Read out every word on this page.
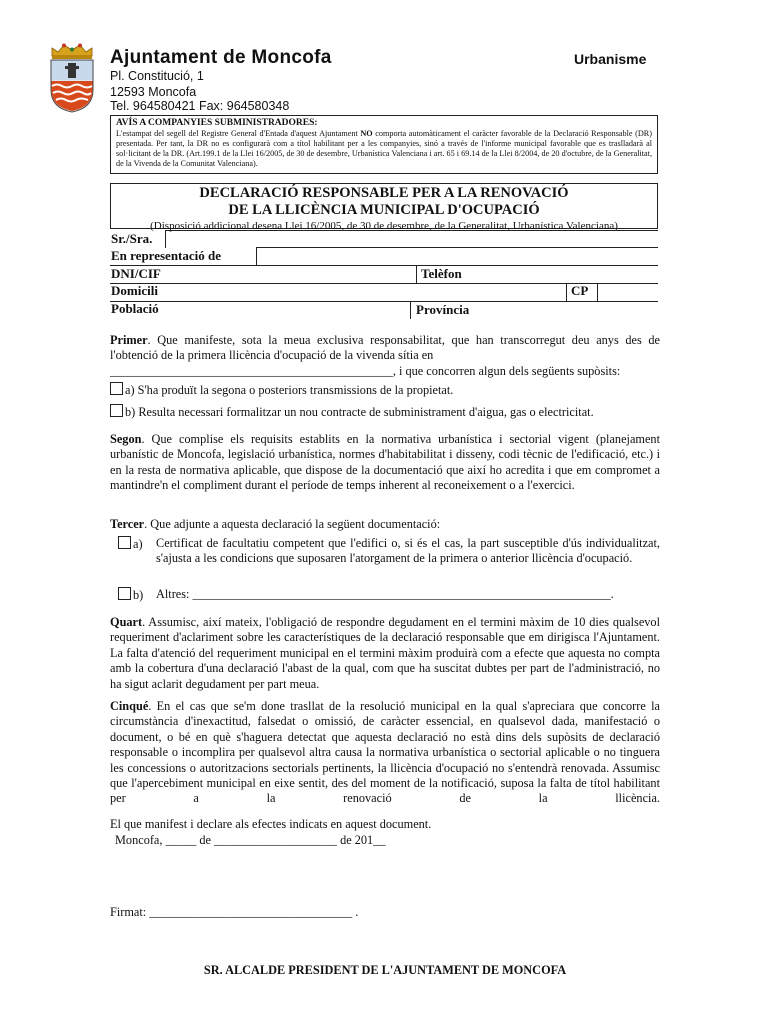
Ajuntament de Moncofa	Urbanisme
Pl. Constitució, 1
12593 Moncofa
Tel. 964580421 Fax: 964580348
AVÍS A COMPANYIES SUBMINISTRADORES:
L'estampat del segell del Registre General d'Entada d'aquest Ajuntament NO comporta automàticament el caràcter favorable de la Declaració Responsable (DR) presentada. Per tant, la DR no es configurarà com a títol habilitant per a les companyies, sinó a través de l'informe municipal favorable que es traslladarà al sol·licitant de la DR. (Art.199.1 de la Llei 16/2005, de 30 de desembre, Urbanística Valenciana i art. 65 i 69.14 de la Llei 8/2004, de 20 d'octubre, de la Generalitat, de la Vivenda de la Comunitat Valenciana).
DECLARACIÓ RESPONSABLE PER A LA RENOVACIÓ
DE LA LLICÈNCIA MUNICIPAL D'OCUPACIÓ
(Disposició addicional desena Llei 16/2005, de 30 de desembre, de la Generalitat, Urbanística Valenciana)
Sr./Sra.
En representació de
DNI/CIF	Telèfon
Domicili	CP
Població	Província
Primer. Que manifeste, sota la meua exclusiva responsabilitat, que han transcorregut deu anys des de l'obtenció de la primera llicència d'ocupació de la vivenda sítia en
______________________________________________, i que concorren algun dels següents supòsits:
a) S'ha produït la segona o posteriors transmissions de la propietat.
b) Resulta necessari formalitzar un nou contracte de subministrament d'aigua, gas o electricitat.
Segon. Que complise els requisits establits en la normativa urbanística i sectorial vigent (planejament urbanístic de Moncofa, legislació urbanística, normes d'habitabilitat i disseny, codi tècnic de l'edificació, etc.) i en la resta de normativa aplicable, que dispose de la documentació que així ho acredita i que em compromet a mantindre'n el compliment durant el període de temps inherent al reconeixement o a l'exercici.
Tercer. Que adjunte a aquesta declaració la següent documentació:
a) Certificat de facultatiu competent que l'edifici o, si és el cas, la part susceptible d'ús individualitzat, s'ajusta a les condicions que suposaren l'atorgament de la primera o anterior llicència d'ocupació.
b) Altres: ____________________________________________________________________.
Quart. Assumisc, així mateix, l'obligació de respondre degudament en el termini màxim de 10 dies qualsevol requeriment d'aclariment sobre les característiques de la declaració responsable que em dirigisca l'Ajuntament. La falta d'atenció del requeriment municipal en el termini màxim produirà com a efecte que aquesta no compta amb la cobertura d'una declaració l'abast de la qual, com que ha suscitat dubtes per part de l'administració, no ha sigut aclarit degudament per part meua.
Cinqué. En el cas que se'm done trasllat de la resolució municipal en la qual s'apreciara que concorre la circumstància d'inexactitud, falsedat o omissió, de caràcter essencial, en qualsevol dada, manifestació o document, o bé en què s'haguera detectat que aquesta declaració no està dins dels supòsits de declaració responsable o incomplira per qualsevol altra causa la normativa urbanística o sectorial aplicable o no tinguera les concessions o autoritzacions sectorials pertinents, la llicència d'ocupació no s'entendrà renovada. Assumisc que l'apercebiment municipal en eixe sentit, des del moment de la notificació, suposa la falta de títol habilitant per a la renovació de la llicència.
El que manifest i declare als efectes indicats en aquest document.
Moncofa, _____ de ____________________ de 201__
Firmat: _________________________________ .
SR. ALCALDE PRESIDENT DE L'AJUNTAMENT DE MONCOFA
